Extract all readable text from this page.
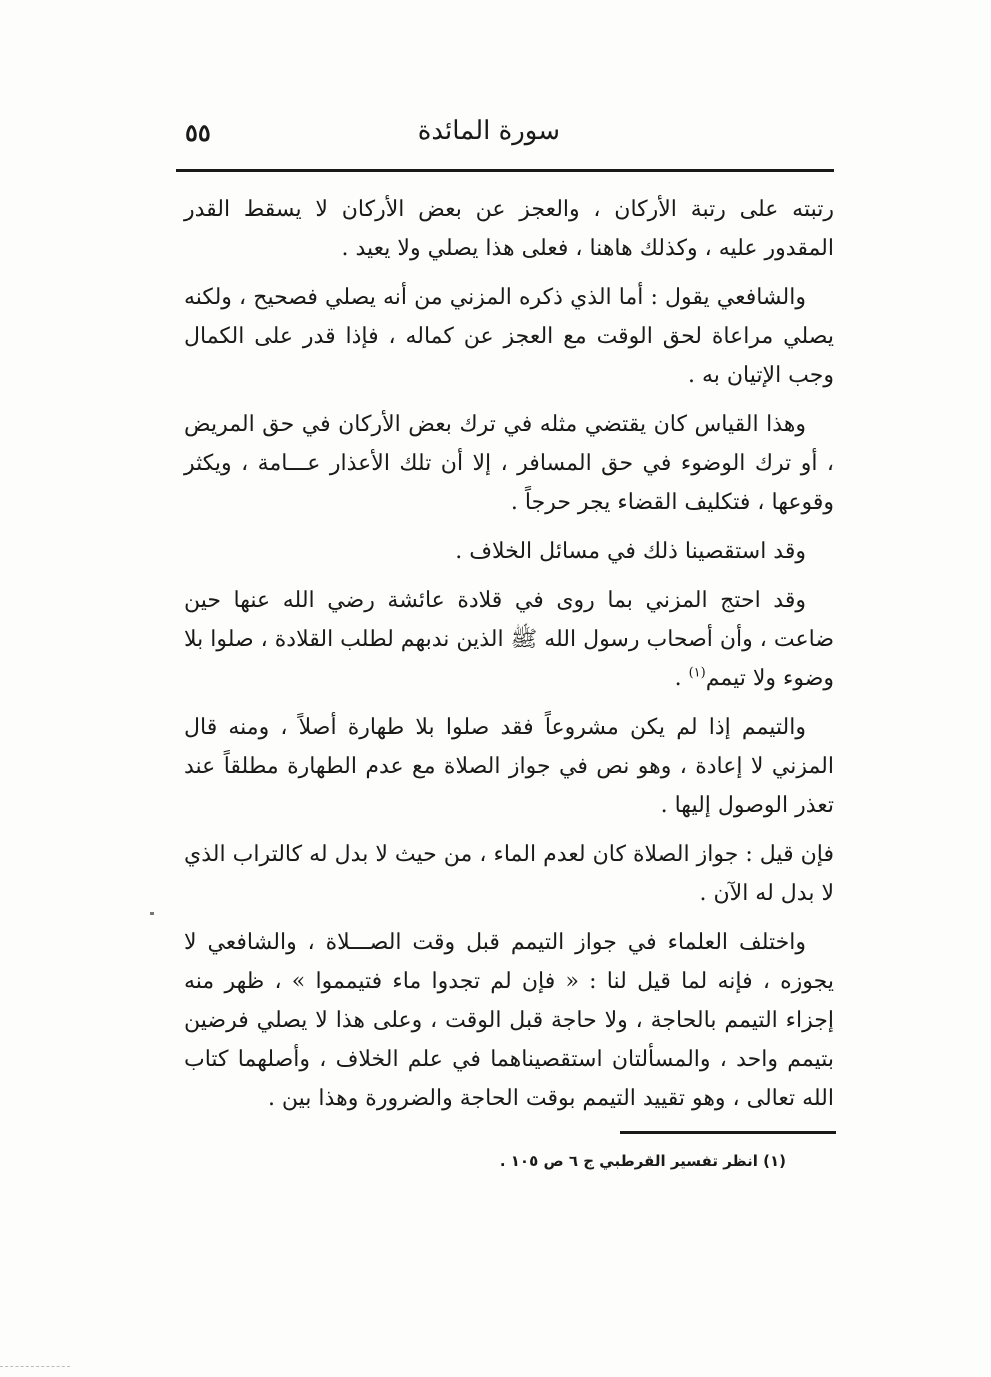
سورة المائدة
٥٥

رتبته على رتبة الأركان ، والعجز عن بعض الأركان لا يسقط القدر المقدور عليه ، وكذلك هاهنا ، فعلى هذا يصلي ولا يعيد .

والشافعي يقول : أما الذي ذكره المزني من أنه يصلي فصحيح ، ولكنه يصلي مراعاة لحق الوقت مع العجز عن كماله ، فإذا قدر على الكمال وجب الإتيان به .

وهذا القياس كان يقتضي مثله في ترك بعض الأركان في حق المريض ، أو ترك الوضوء في حق المسافر ، إلا أن تلك الأعذار عـــامة ، ويكثر وقوعها ، فتكليف القضاء يجر حرجاً .

وقد استقصينا ذلك في مسائل الخلاف .

وقد احتج المزني بما روى في قلادة عائشة رضي الله عنها حين ضاعت ، وأن أصحاب رسول الله ﷺ الذين ندبهم لطلب القلادة ، صلوا بلا وضوء ولا تيمم$^{(١)}$ .

والتيمم إذا لم يكن مشروعاً فقد صلوا بلا طهارة أصلاً ، ومنه قال المزني لا إعادة ، وهو نص في جواز الصلاة مع عدم الطهارة مطلقاً عند تعذر الوصول إليها .

فإن قيل : جواز الصلاة كان لعدم الماء ، من حيث لا بدل له كالتراب الذي لا بدل له الآن .

واختلف العلماء في جواز التيمم قبل وقت الصـــلاة ، والشافعي لا يجوزه ، فإنه لما قيل لنا : « فإن لم تجدوا ماء فتيمموا » ، ظهر منه إجزاء التيمم بالحاجة ، ولا حاجة قبل الوقت ، وعلى هذا لا يصلي فرضين بتيمم واحد ، والمسألتان استقصيناهما في علم الخلاف ، وأصلهما كتاب الله تعالى ، وهو تقييد التيمم بوقت الحاجة والضرورة وهذا بين .

(١) انظر تفسير القرطبي ج ٦ ص ١٠٥ .
